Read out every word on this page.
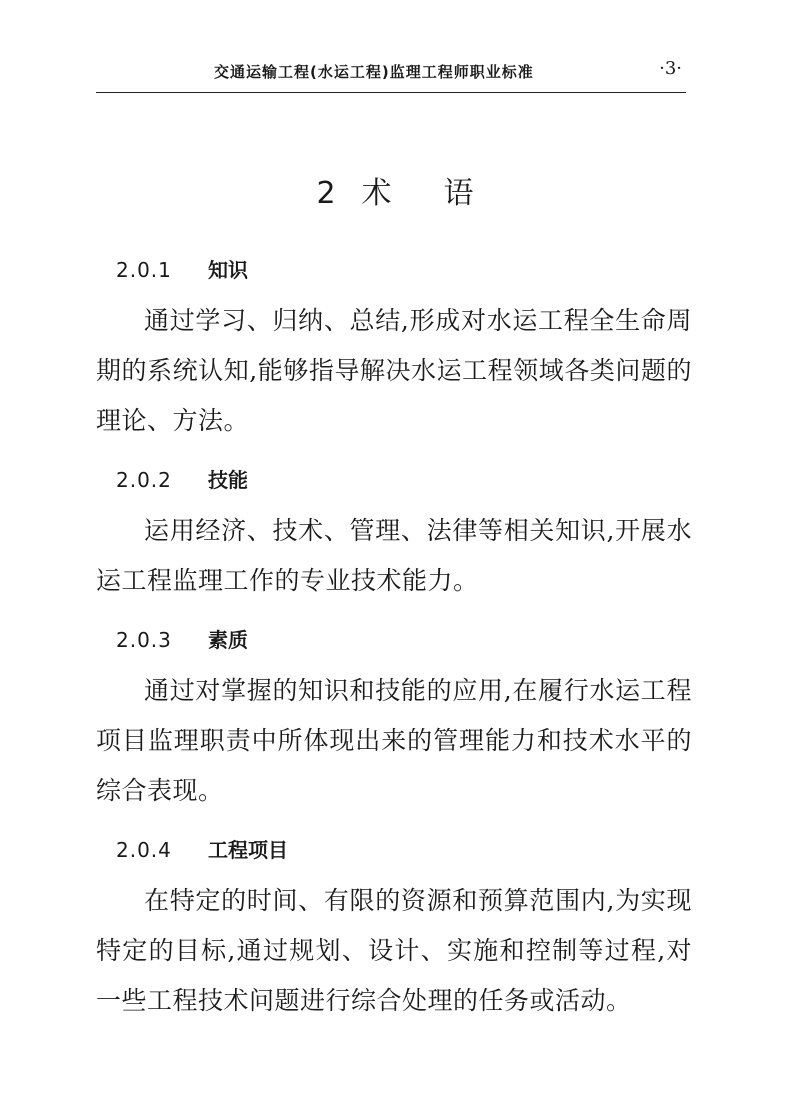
交通运输工程(水运工程)监理工程师职业标准	·3·
2 术 语
2.0.1 知识

通过学习、归纳、总结,形成对水运工程全生命周期的系统认知,能够指导解决水运工程领域各类问题的理论、方法。

2.0.2 技能

运用经济、技术、管理、法律等相关知识,开展水运工程监理工作的专业技术能力。

2.0.3 素质

通过对掌握的知识和技能的应用,在履行水运工程项目监理职责中所体现出来的管理能力和技术水平的综合表现。

2.0.4 工程项目

在特定的时间、有限的资源和预算范围内,为实现特定的目标,通过规划、设计、实施和控制等过程,对一些工程技术问题进行综合处理的任务或活动。
